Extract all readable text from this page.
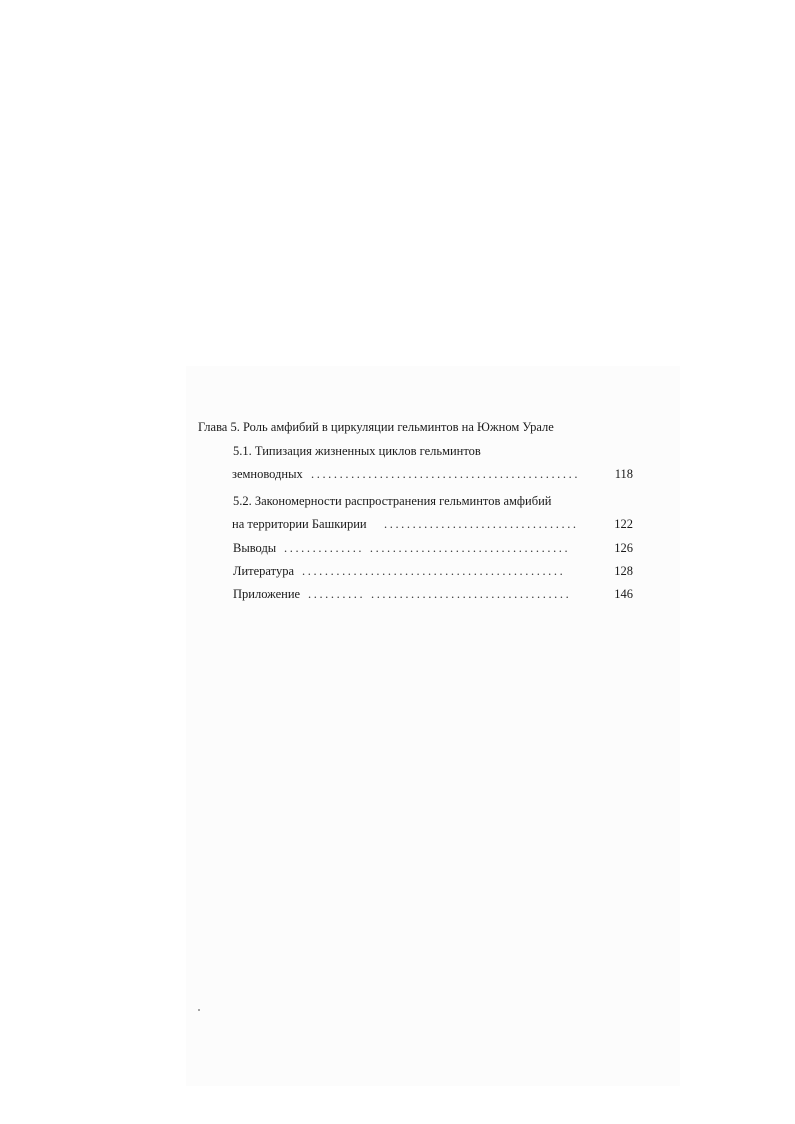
Глава 5. Роль амфибий в циркуляции гельминтов на Южном Урале
5.1. Типизация жизненных циклов гельминтов
земноводных ...............................................	118
5.2. Закономерности распространения гельминтов амфибий
на территории Башкирии ..................................	122
Выводы .............. ...................................	126
Литература ..............................................	128
Приложение .......... ...................................	146
